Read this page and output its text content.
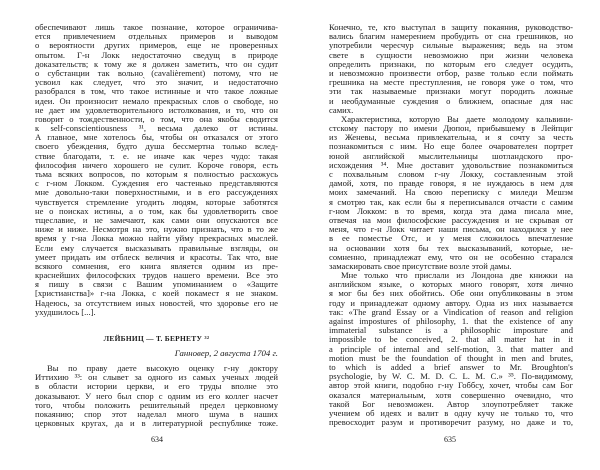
обеспечивают лишь такое познание, которое ограничива-
ется привлечением отдельных примеров и выводом
о вероятности других примеров, еще не проверенных
опытом. Г-н Локк недостаточно сведущ в природе
доказательств; к тому же я должен заметить, что он судит
о субстанции так вольно (cavalièrement) потому, что не
усвоил как следует, что̀ это значит, и недостаточно
разобрался в том, что такое истинные и что такое ложные
идеи. Он произносит немало прекрасных слов о свободе, но
не дает им удовлетворительного истолкования, и то, что он
говорит о тождественности, о том, что она якобы сводится
к self-conscientiousness ³¹, весьма далеко от истины.
А главное, мне хотелось бы, чтобы он отказался от этого
своего убеждения, будто душа бессмертна только вслед-
ствие благодати, т. е. не иначе как через чудо: такая
философия ничего хорошего не сулит. Короче говоря, есть
тьма всяких вопросов, по которым я полностью расхожусь
с г-ном Локком. Суждения его частенько представляются
мне довольно-таки поверхностными, и в его рассуждениях
чувствуется стремление угодить людям, которые заботятся
не о поисках истины, а о том, как бы удовлетворить свое
тщеславие, и не замечают, как сами они опускаются все
ниже и ниже. Несмотря на это, нужно признать, что в то же
время у г-на Локка можно найти уйму прекрасных мыслей.
Если ему случается высказывать правильные взгляды, он
умеет придать им отблеск величия и красоты. Так что, вне
всякого сомнения, его книга является одним из пре-
краснейших философских трудов нашего времени. Все это
я пишу в связи с Вашим упоминанием о «Защите
[христианства]» г-на Локка, с коей покамест я не знаком.
Надеюсь, за отсутствием иных новостей, что здоровье его не
ухудшилось [...].
ЛЕЙБНИЦ — Т. БЕРНЕТУ ³²
Ганновер, 2 августа 1704 г.
Вы по праву даете высокую оценку г-ну доктору
Иттихию ³³: он слывет за одного из самых ученых людей
в области истории церкви, и его труды вполне это
доказывают. У него был спор с одним из его коллег насчет
того, чтобы положить решительный предел церковному
покаянию; спор этот наделал много шума в наших
церковных кругах, да и в литературной республике тоже.
634
Конечно, те, кто выступал в защиту покаяния, руководство-
вались благим намерением пробудить от сна грешников, но
употребили чересчур сильные выражения; ведь на этом
свете в сущности невозможно при жизни человека
определить признаки, по которым его следует осудить,
и невозможно произвести отбор, разве только если поймать
грешника на месте преступления, не говоря уже о том, что
эти так называемые признаки могут породить ложные
и необдуманные суждения о ближнем, опасные для нас
самих.
Характеристика, которую Вы даете молодому кальвини-
стскому пастору по имени Дюпон, прибывшему в Лейпциг
из Женевы, весьма привлекательна, и я сочту за честь
познакомиться с ним. Но еще более очарователен портрет
юной английской мыслительницы шотландского про-
исхождения ³⁴. Мне доставит удовольствие познакомиться
с похвальным словом г-ну Локку, составленным этой
дамой, хотя, по правде говоря, я не нуждаюсь в нем для
моих замечаний. На свою переписку с миледи Мешэм
я смотрю так, как если бы я переписывался отчасти с самим
г-ном Локком: в то время, когда эта дама писала мне,
отвечая на мои философские рассуждения и не скрывая от
меня, что г-н Локк читает наши письма, он находился у нее
в ее поместье Отс, и у меня сложилось впечатление
на основании хотя бы тех высказываний, которые, не-
сомненно, принадлежат ему, что он не особенно старался
замаскировать свое присутствие возле этой дамы.
Мне только что прислали из Лондона две книжки на
английском языке, о которых много говорят, хотя лично
я мог бы без них обойтись. Обе они опубликованы в этом
году и принадлежат одному автору. Одна из них называется
так: «The grand Essay or a Vindication of reason and religion
against impostures of philosophy, 1. that the existence of any
immaterial substance is a philosophic imposture and
impossible to be conceived, 2. that all matter hat in it
a principle of internal and self-motion, 3. that matter and
motion must be the foundation of thought in men and brutes,
to which is added a brief answer to Mr. Broughton's
psychologie, by W. C. M. D. C. L. M. C.» ³⁵. По-видимому,
автор этой книги, подобно г-ну Гоббсу, хочет, чтобы сам Бог
оказался материальным, хотя совершенно очевидно, что
такой Бог невозможен. Автор злоупотребляет также
учением об идеях и валит в одну кучу не только то, что
превосходит разум и противоречит разуму, но даже и то,
635
